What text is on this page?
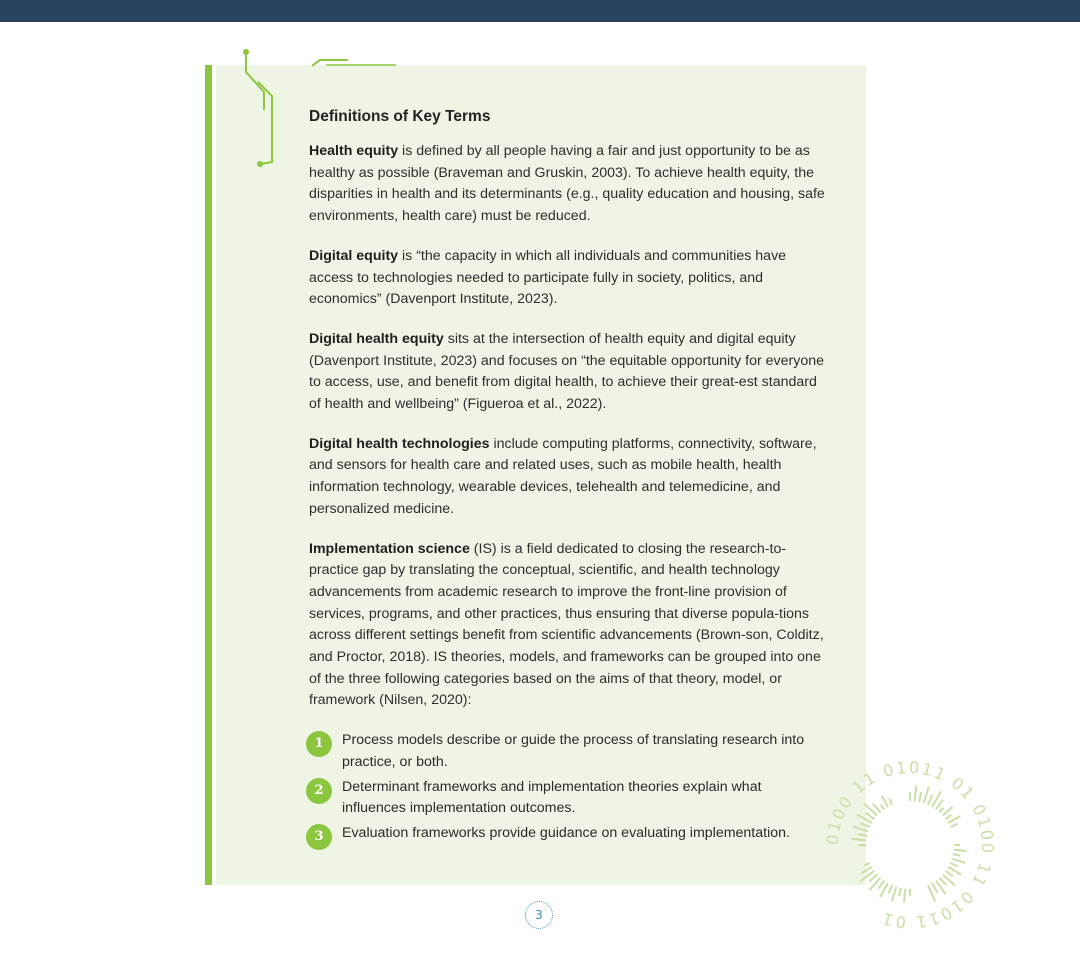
Definitions of Key Terms

Health equity is defined by all people having a fair and just opportunity to be as healthy as possible (Braveman and Gruskin, 2003). To achieve health equity, the disparities in health and its determinants (e.g., quality education and housing, safe environments, health care) must be reduced.

Digital equity is “the capacity in which all individuals and communities have access to technologies needed to participate fully in society, politics, and economics” (Davenport Institute, 2023).

Digital health equity sits at the intersection of health equity and digital equity (Davenport Institute, 2023) and focuses on “the equitable opportunity for everyone to access, use, and benefit from digital health, to achieve their great-est standard of health and wellbeing” (Figueroa et al., 2022).

Digital health technologies include computing platforms, connectivity, software, and sensors for health care and related uses, such as mobile health, health information technology, wearable devices, telehealth and telemedicine, and personalized medicine.

Implementation science (IS) is a field dedicated to closing the research-to-practice gap by translating the conceptual, scientific, and health technology advancements from academic research to improve the front-line provision of services, programs, and other practices, thus ensuring that diverse popula-tions across different settings benefit from scientific advancements (Brown-son, Colditz, and Proctor, 2018). IS theories, models, and frameworks can be grouped into one of the three following categories based on the aims of that theory, model, or framework (Nilsen, 2020):

1	Process models describe or guide the process of translating research into practice, or both.
2	Determinant frameworks and implementation theories explain what influences implementation outcomes.
3	Evaluation frameworks provide guidance on evaluating implementation.	0100 11 01011 01 0100 11 01011 01
3
